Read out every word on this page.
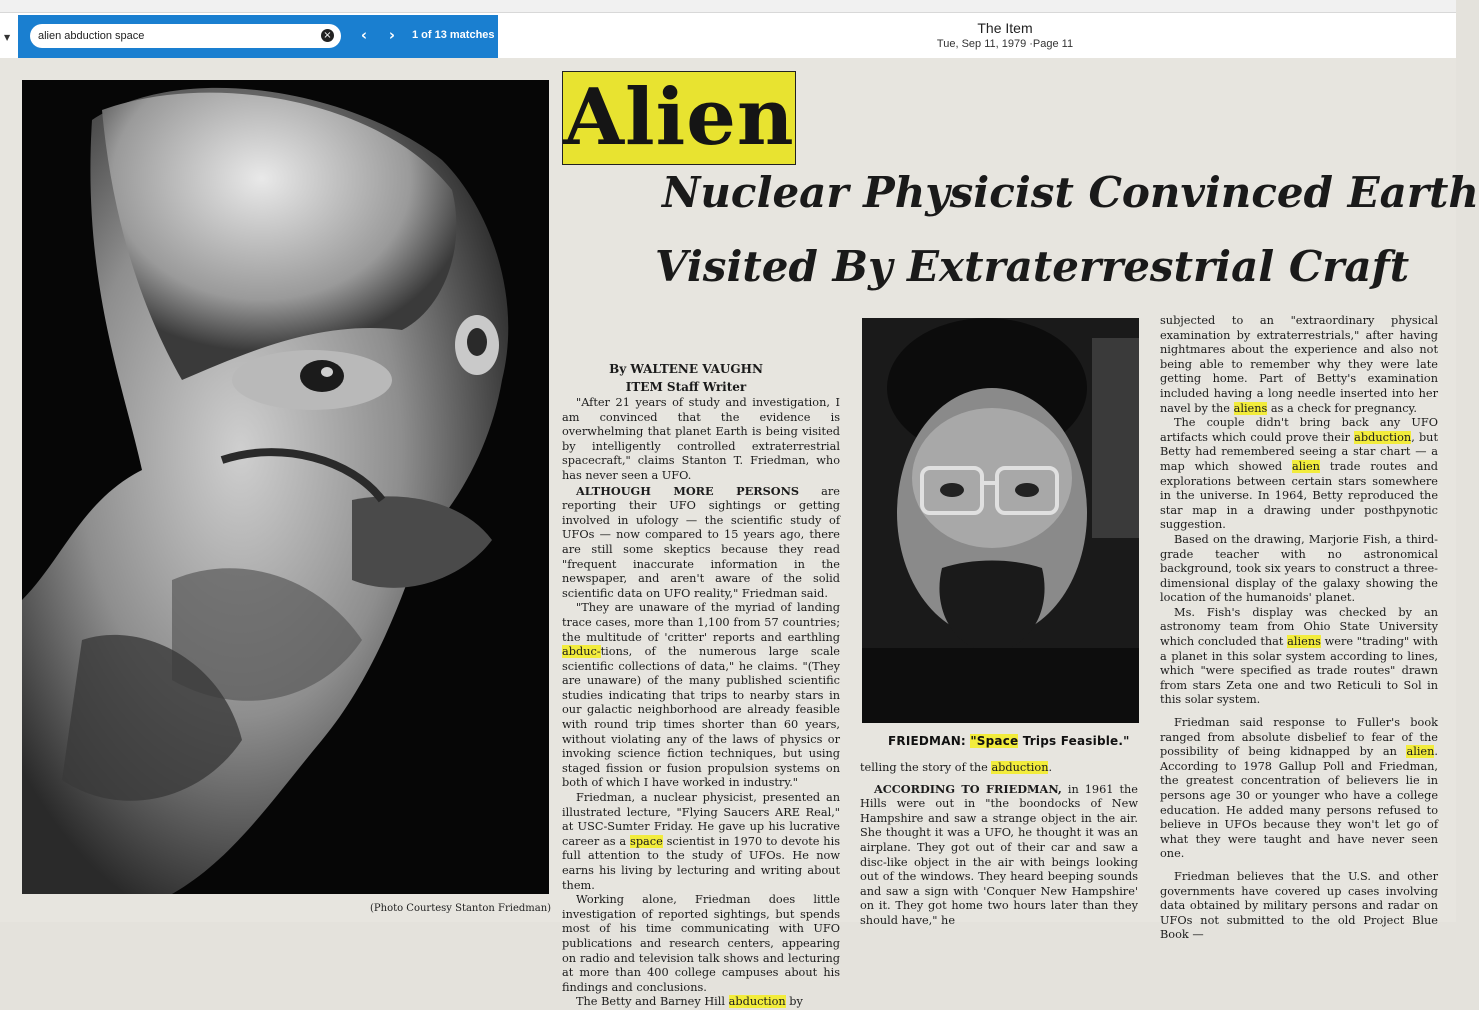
▼
alien abduction space	×	‹	›	1 of 13 matches	The Item
Tue, Sep 11, 1979 ·Page 11
(Photo Courtesy Stanton Friedman)
Alien
Nuclear Physicist Convinced Earth
Visited By Extraterrestrial Craft
By WALTENE VAUGHN
ITEM Staff Writer

"After 21 years of study and investigation, I am convinced that the evidence is overwhelming that planet Earth is being visited by intelligently controlled extraterrestrial spacecraft," claims Stanton T. Friedman, who has never seen a UFO.

ALTHOUGH MORE PERSONS are reporting their UFO sightings or getting involved in ufology — the scientific study of UFOs — now compared to 15 years ago, there are still some skeptics because they read "frequent inaccurate information in the newspaper, and aren't aware of the solid scientific data on UFO reality," Friedman said.

"They are unaware of the myriad of landing trace cases, more than 1,100 from 57 countries; the multitude of 'critter' reports and earthling abduc-tions, of the numerous large scale scientific collections of data," he claims. "(They are unaware) of the many published scientific studies indicating that trips to nearby stars in our galactic neighborhood are already feasible with round trip times shorter than 60 years, without violating any of the laws of physics or invoking science fiction techniques, but using staged fission or fusion propulsion systems on both of which I have worked in industry."

Friedman, a nuclear physicist, presented an illustrated lecture, "Flying Saucers ARE Real," at USC-Sumter Friday. He gave up his lucrative career as a space scientist in 1970 to devote his full attention to the study of UFOs. He now earns his living by lecturing and writing about them.

Working alone, Friedman does little investigation of reported sightings, but spends most of his time communicating with UFO publications and research centers, appearing on radio and television talk shows and lecturing at more than 400 college campuses about his findings and conclusions.

The Betty and Barney Hill abduction by

FRIEDMAN: "Space Trips Feasible."

telling the story of the abduction.

ACCORDING TO FRIEDMAN, in 1961 the Hills were out in "the boondocks of New Hampshire and saw a strange object in the air. She thought it was a UFO, he thought it was an airplane. They got out of their car and saw a disc-like object in the air with beings looking out of the windows. They heard beeping sounds and saw a sign with 'Conquer New Hampshire' on it. They got home two hours later than they should have," he

subjected to an "extraordinary physical examination by extraterrestrials," after having nightmares about the experience and also not being able to remember why they were late getting home. Part of Betty's examination included having a long needle inserted into her navel by the aliens as a check for pregnancy.

The couple didn't bring back any UFO artifacts which could prove their abduction, but Betty had remembered seeing a star chart — a map which showed alien trade routes and explorations between certain stars somewhere in the universe. In 1964, Betty reproduced the star map in a drawing under posthpynotic suggestion.

Based on the drawing, Marjorie Fish, a third-grade teacher with no astronomical background, took six years to construct a three-dimensional display of the galaxy showing the location of the humanoids' planet.

Ms. Fish's display was checked by an astronomy team from Ohio State University which concluded that aliens were "trading" with a planet in this solar system according to lines, which "were specified as trade routes" drawn from stars Zeta one and two Reticuli to Sol in this solar system.

Friedman said response to Fuller's book ranged from absolute disbelief to fear of the possibility of being kidnapped by an alien. According to 1978 Gallup Poll and Friedman, the greatest concentration of believers lie in persons age 30 or younger who have a college education. He added many persons refused to believe in UFOs because they won't let go of what they were taught and have never seen one.

Friedman believes that the U.S. and other governments have covered up cases involving data obtained by military persons and radar on UFOs not submitted to the old Project Blue Book —
